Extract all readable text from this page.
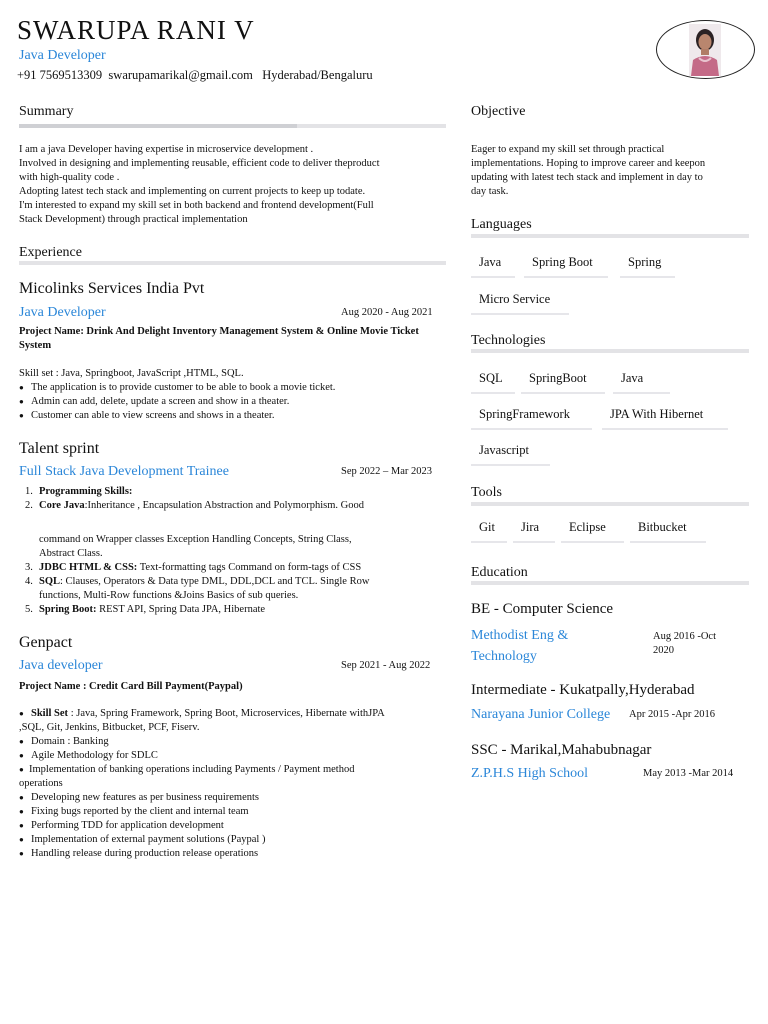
SWARUPA RANI V
Java Developer
+91 7569513309  swarupamarikal@gmail.com   Hyderabad/Bengaluru
Summary
I am a java Developer having expertise in microservice development .
Involved in designing and implementing reusable, efficient code to deliver theproduct
with high-quality code .
Adopting latest tech stack and implementing on current projects to keep up todate.
I'm interested to expand my skill set in both backend and frontend development(Full
Stack Development) through practical implementation
Experience
Micolinks Services India Pvt
Java Developer	Aug 2020 - Aug 2021
Project Name: Drink And Delight Inventory Management System & Online Movie Ticket System
Skill set : Java, Springboot, JavaScript ,HTML, SQL.
● The application is to provide customer to be able to book a movie ticket.
● Admin can add, delete, update a screen and show in a theater.
● Customer can able to view screens and shows in a theater.
Talent sprint
Full Stack Java Development Trainee	Sep 2022 – Mar 2023
1. Programming Skills:
2. Core Java:Inheritance , Encapsulation Abstraction and Polymorphism. Good
command on Wrapper classes Exception Handling Concepts, String Class,
Abstract Class.
3. JDBC HTML & CSS: Text-formatting tags Command on form-tags of CSS
4. SQL: Clauses, Operators & Data type DML, DDL,DCL and TCL. Single Row
functions, Multi-Row functions &Joins Basics of sub queries.
5. Spring Boot: REST API, Spring Data JPA, Hibernate
Genpact
Java developer	Sep 2021 - Aug 2022
Project Name : Credit Card Bill Payment(Paypal)
● Skill Set : Java, Spring Framework, Spring Boot, Microservices, Hibernate withJPA
,SQL, Git, Jenkins, Bitbucket, PCF, Fiserv.
● Domain : Banking
● Agile Methodology for SDLC
● Implementation of banking operations including Payments / Payment method
operations
● Developing new features as per business requirements
● Fixing bugs reported by the client and internal team
● Performing TDD for application development
● Implementation of external payment solutions (Paypal )
● Handling release during production release operations
Objective
Eager to expand my skill set through practical
implementations. Hoping to improve career and keepon
updating with latest tech stack and implement in day to
day task.
Languages
Java	Spring Boot	Spring
Micro Service
Technologies
SQL	SpringBoot	Java
SpringFramework	JPA With Hibernet
Javascript
Tools
Git	Jira	Eclipse	Bitbucket
Education
BE - Computer Science
Methodist Eng &
Technology
Aug 2016 -Oct
2020
Intermediate - Kukatpally,Hyderabad
Narayana Junior College Apr 2015 -Apr 2016
SSC - Marikal,Mahabubnagar
Z.P.H.S High School	May 2013 -Mar 2014
